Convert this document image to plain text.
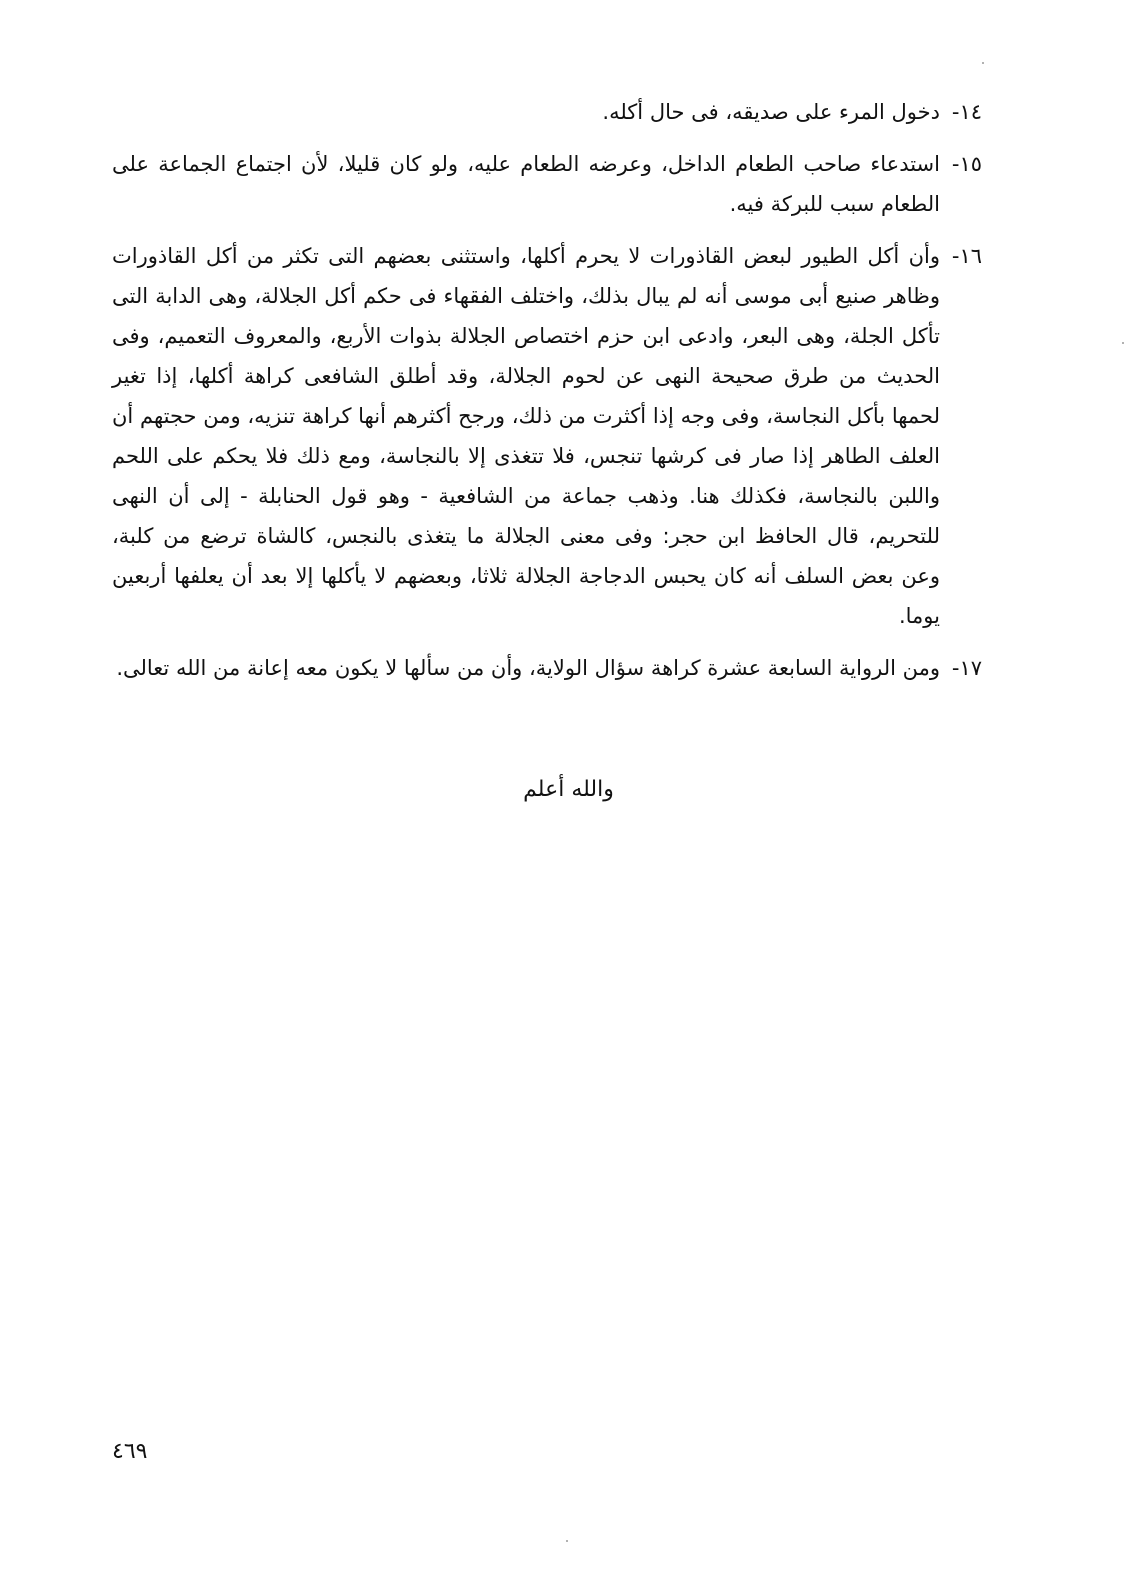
١٤-
دخول المرء على صديقه، فى حال أكله.
١٥-
استدعاء صاحب الطعام الداخل، وعرضه الطعام عليه، ولو كان قليلا، لأن اجتماع الجماعة على الطعام سبب للبركة فيه.
١٦-
وأن أكل الطيور لبعض القاذورات لا يحرم أكلها، واستثنى بعضهم التى تكثر من أكل القاذورات وظاهر صنيع أبى موسى أنه لم يبال بذلك، واختلف الفقهاء فى حكم أكل الجلالة، وهى الدابة التى تأكل الجلة، وهى البعر، وادعى ابن حزم اختصاص الجلالة بذوات الأربع، والمعروف التعميم، وفى الحديث من طرق صحيحة النهى عن لحوم الجلالة، وقد أطلق الشافعى كراهة أكلها، إذا تغير لحمها بأكل النجاسة، وفى وجه إذا أكثرت من ذلك، ورجح أكثرهم أنها كراهة تنزيه، ومن حجتهم أن العلف الطاهر إذا صار فى كرشها تنجس، فلا تتغذى إلا بالنجاسة، ومع ذلك فلا يحكم على اللحم واللبن بالنجاسة، فكذلك هنا. وذهب جماعة من الشافعية - وهو قول الحنابلة - إلى أن النهى للتحريم، قال الحافظ ابن حجر: وفى معنى الجلالة ما يتغذى بالنجس، كالشاة ترضع من كلبة، وعن بعض السلف أنه كان يحبس الدجاجة الجلالة ثلاثا، وبعضهم لا يأكلها إلا بعد أن يعلفها أربعين يوما.
١٧-
ومن الرواية السابعة عشرة كراهة سؤال الولاية، وأن من سألها لا يكون معه إعانة من الله تعالى.
والله أعلم
٤٦٩
